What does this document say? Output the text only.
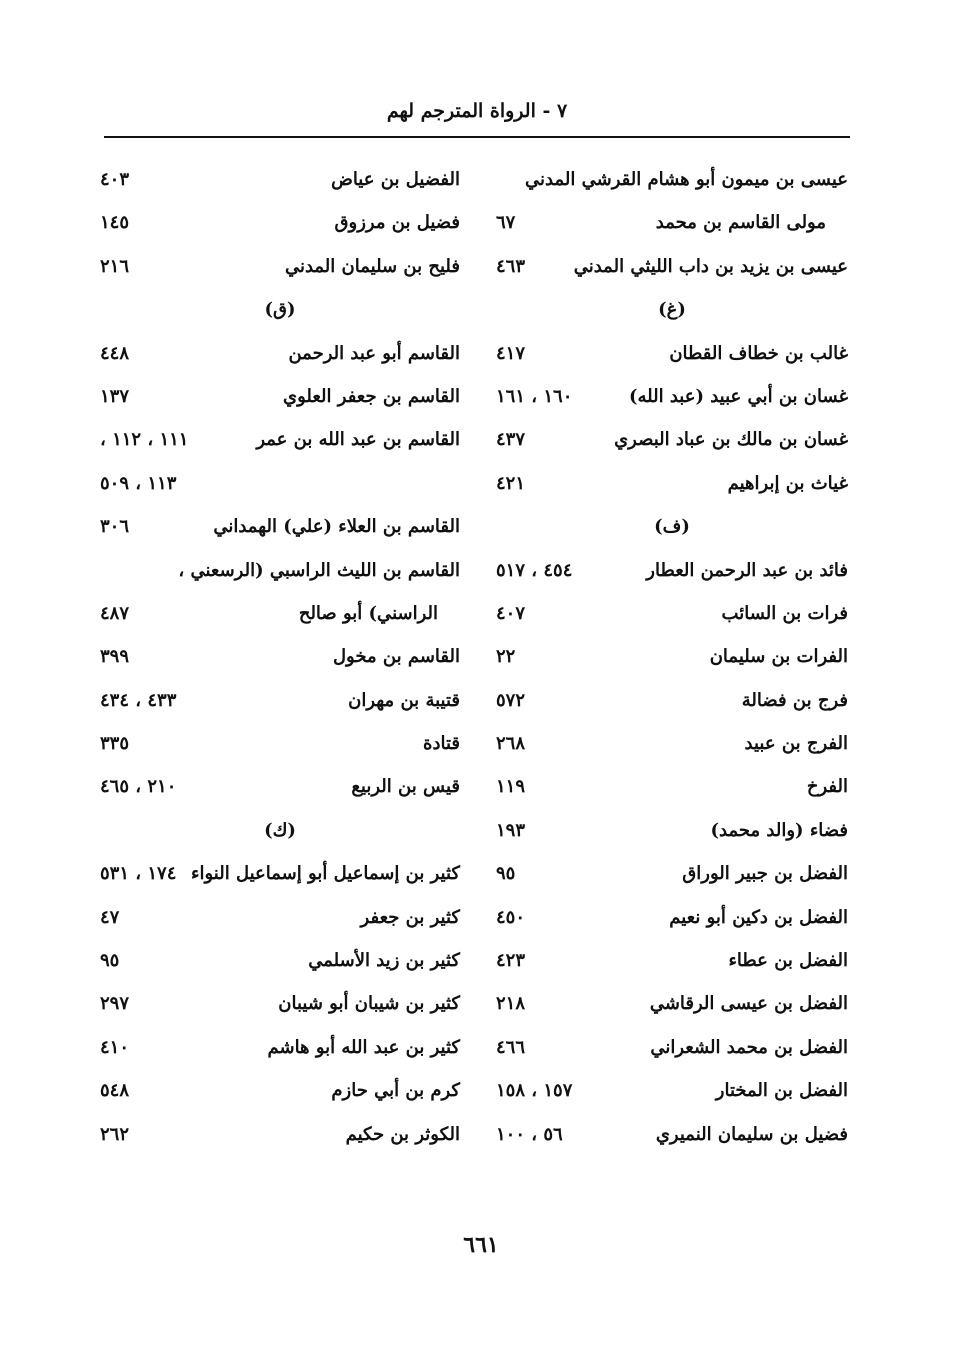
٧ - الرواة المترجم لهم
عيسى بن ميمون أبو هشام القرشي المدني
مولى القاسم بن محمد
٦٧
عيسى بن يزيد بن داب الليثي المدني
٤٦٣
(غ)
غالب بن خطاف القطان
٤١٧
غسان بن أبي عبيد (عبد الله)
١٦٠ ، ١٦١
غسان بن مالك بن عباد البصري
٤٣٧
غياث بن إبراهيم
٤٢١
(ف)
فائد بن عبد الرحمن العطار
٤٥٤ ، ٥١٧
فرات بن السائب
٤٠٧
الفرات بن سليمان
٢٢
فرج بن فضالة
٥٧٢
الفرج بن عبيد
٢٦٨
الفرخ
١١٩
فضاء (والد محمد)
١٩٣
الفضل بن جبير الوراق
٩٥
الفضل بن دكين أبو نعيم
٤٥٠
الفضل بن عطاء
٤٢٣
الفضل بن عيسى الرقاشي
٢١٨
الفضل بن محمد الشعراني
٤٦٦
الفضل بن المختار
١٥٧ ، ١٥٨
فضيل بن سليمان النميري
٥٦ ، ١٠٠
الفضيل بن عياض
٤٠٣
فضيل بن مرزوق
١٤٥
فليح بن سليمان المدني
٢١٦
(ق)
القاسم أبو عبد الرحمن
٤٤٨
القاسم بن جعفر العلوي
١٣٧
القاسم بن عبد الله بن عمر
١١١ ، ١١٢ ،
١١٣ ، ٥٠٩
القاسم بن العلاء (علي) الهمداني
٣٠٦
القاسم بن الليث الراسبي (الرسعني ،
الراسني) أبو صالح
٤٨٧
القاسم بن مخول
٣٩٩
قتيبة بن مهران
٤٣٣ ، ٤٣٤
قتادة
٣٣٥
قيس بن الربيع
٢١٠ ، ٤٦٥
(ك)
كثير بن إسماعيل أبو إسماعيل النواء
١٧٤ ، ٥٣١
كثير بن جعفر
٤٧
كثير بن زيد الأسلمي
٩٥
كثير بن شيبان أبو شيبان
٢٩٧
كثير بن عبد الله أبو هاشم
٤١٠
كرم بن أبي حازم
٥٤٨
الكوثر بن حكيم
٢٦٢
٦٦١
